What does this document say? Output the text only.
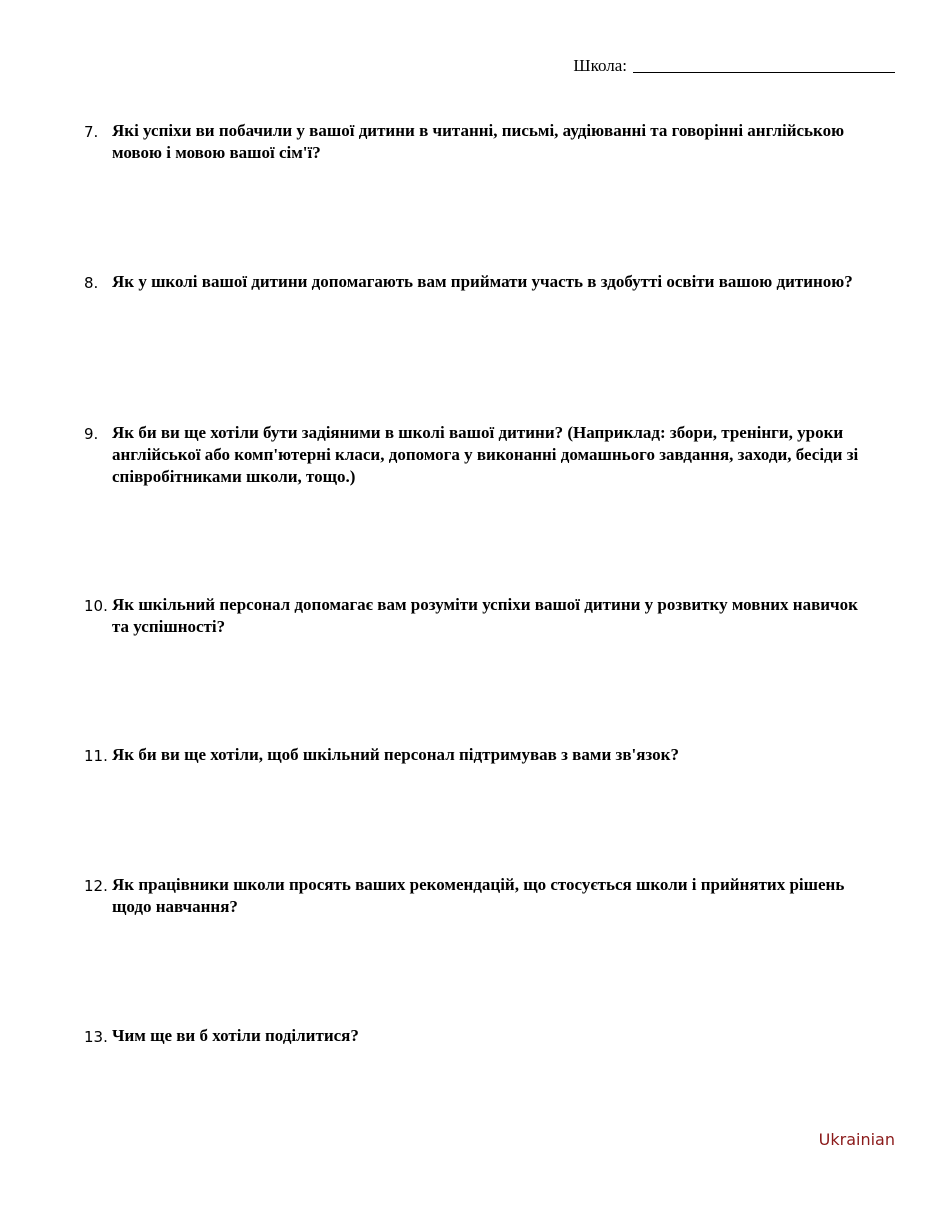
Школа:
7. Які успіхи ви побачили у вашої дитини в читанні, письмі, аудіюванні та говорінні англійською мовою і мовою вашої сім'ї?
8. Як у школі вашої дитини допомагають вам приймати участь в здобутті освіти вашою дитиною?
9. Як би ви ще хотіли бути задіяними в школі вашої дитини? (Наприклад: збори, тренінги, уроки англійської або комп'ютерні класи, допомога у виконанні домашнього завдання, заходи, бесіди зі співробітниками школи, тощо.)
10. Як шкільний персонал допомагає вам розуміти успіхи вашої дитини у розвитку мовних навичок та успішності?
11. Як би ви ще хотіли, щоб шкільний персонал підтримував з вами зв'язок?
12. Як працівники школи просять ваших рекомендацій, що стосується школи і прийнятих рішень щодо навчання?
13. Чим ще ви б хотіли поділитися?
Ukrainian
